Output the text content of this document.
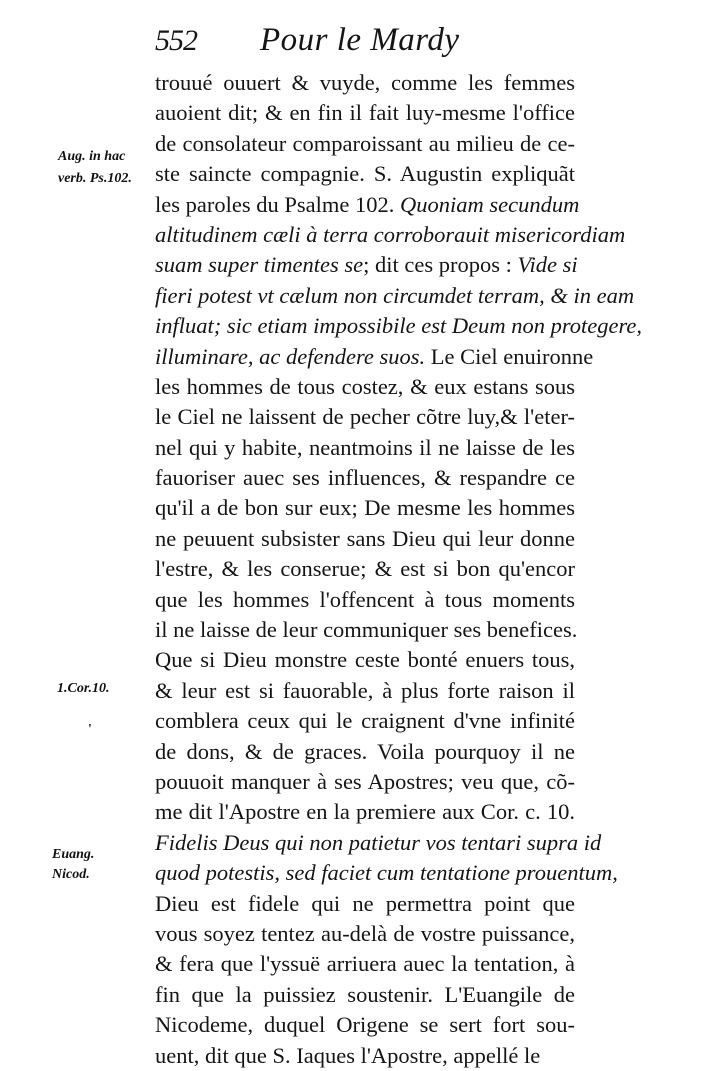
552 Pour le Mardy
Aug. in hac
verb. Ps.102.
1.Cor.10.
'
Euang.
Nicod.
trouué ouuert & vuyde, comme les femmes
auoient dit; & en fin il fait luy-mesme l'office
de consolateur comparoissant au milieu de ce-
ste saincte compagnie. S. Augustin expliquãt
les paroles du Psalme 102. Quoniam secundum
altitudinem cæli à terra corroborauit misericordiam
suam super timentes se; dit ces propos : Vide si
fieri potest vt cælum non circumdet terram, & in eam
influat; sic etiam impossibile est Deum non protegere,
illuminare, ac defendere suos. Le Ciel enuironne
les hommes de tous costez, & eux estans sous
le Ciel ne laissent de pecher cõtre luy,& l'eter-
nel qui y habite, neantmoins il ne laisse de les
fauoriser auec ses influences, & respandre ce
qu'il a de bon sur eux; De mesme les hommes
ne peuuent subsister sans Dieu qui leur donne
l'estre, & les conserue; & est si bon qu'encor
que les hommes l'offencent à tous moments
il ne laisse de leur communiquer ses benefices.
Que si Dieu monstre ceste bonté enuers tous,
& leur est si fauorable, à plus forte raison il
comblera ceux qui le craignent d'vne infinité
de dons, & de graces. Voila pourquoy il ne
pouuoit manquer à ses Apostres; veu que, cõ-
me dit l'Apostre en la premiere aux Cor. c. 10.
Fidelis Deus qui non patietur vos tentari supra id
quod potestis, sed faciet cum tentatione prouentum,
Dieu est fidele qui ne permettra point que
vous soyez tentez au-delà de vostre puissance,
& fera que l'yssuë arriuera auec la tentation, à
fin que la puissiez soustenir. L'Euangile de
Nicodeme, duquel Origene se sert fort sou-
uent, dit que S. Iaques l'Apostre, appellé le
